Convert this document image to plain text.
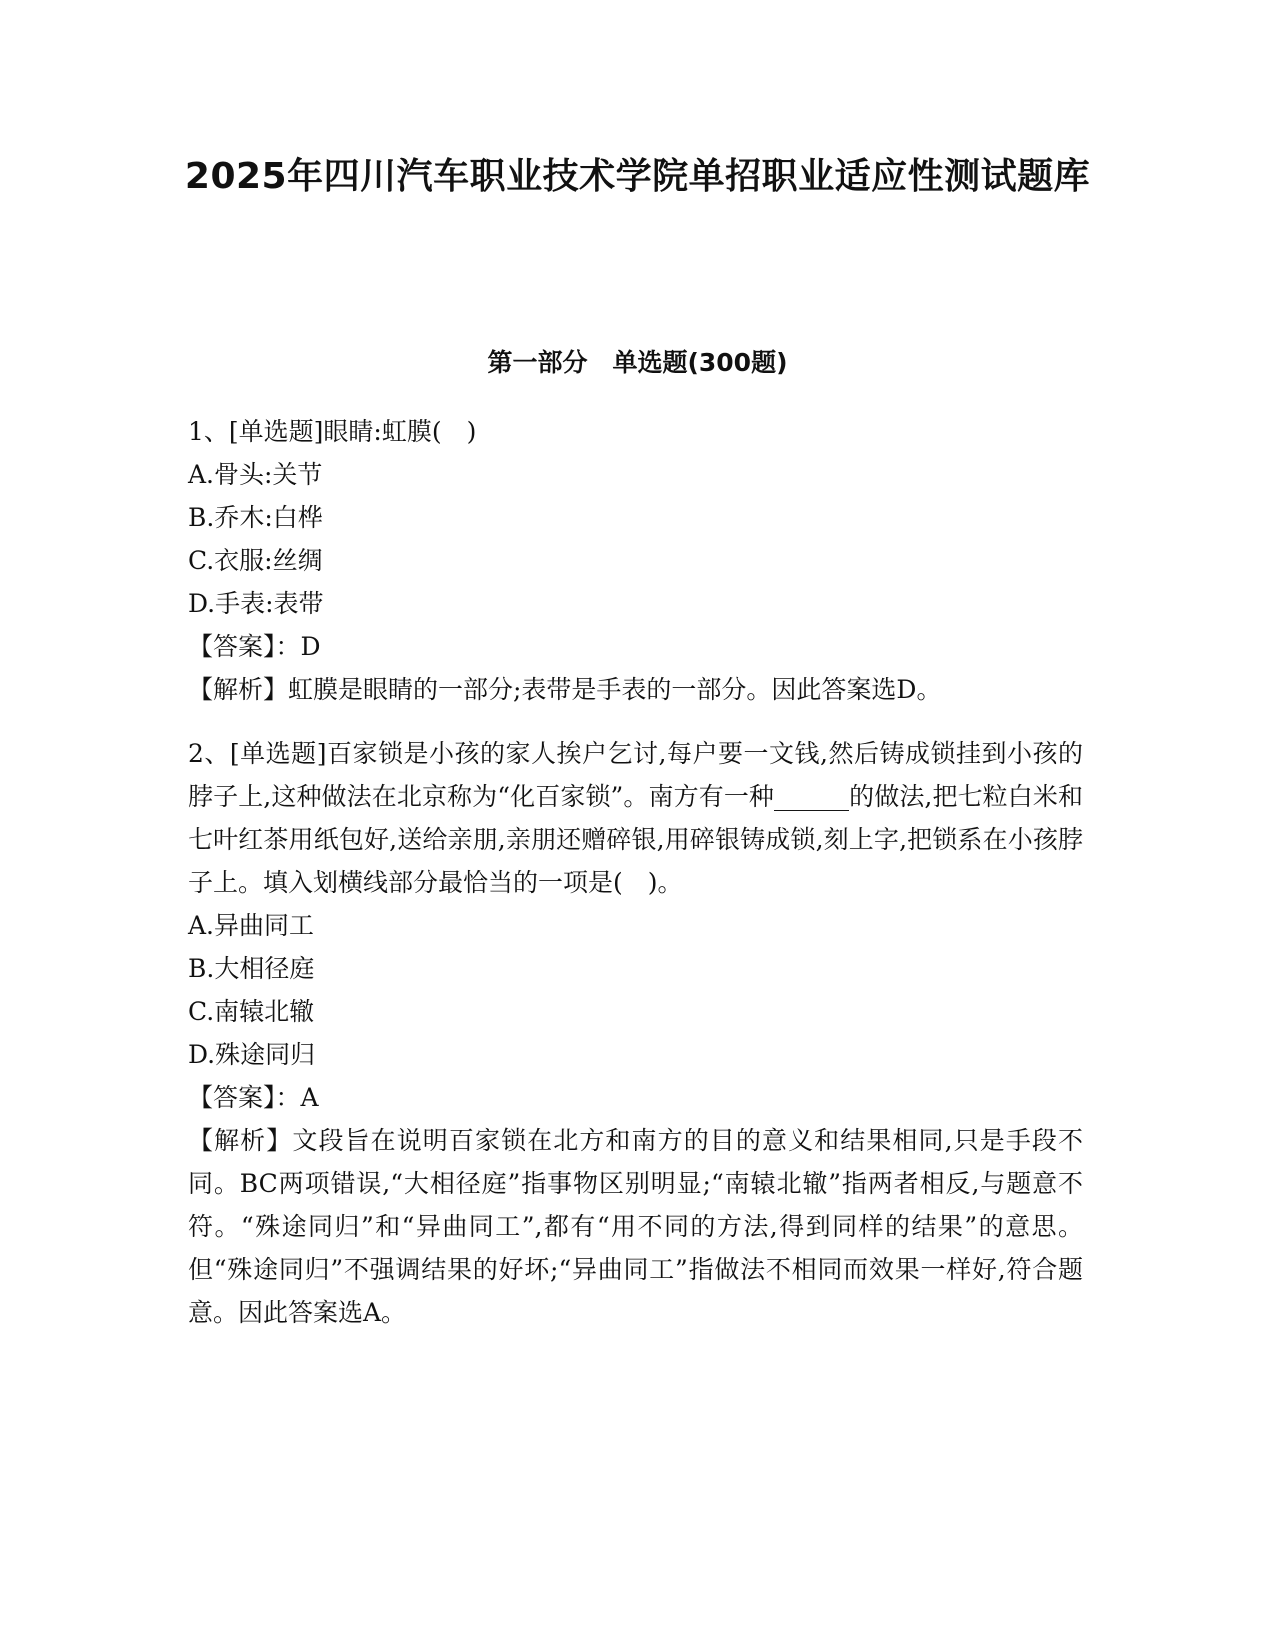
2025年四川汽车职业技术学院单招职业适应性测试题库
第一部分　单选题(300题)

1、[单选题]眼睛:虹膜(　)

A.骨头:关节

B.乔木:白桦

C.衣服:丝绸

D.手表:表带

【答案】：D

【解析】虹膜是眼睛的一部分;表带是手表的一部分。因此答案选D。

2、[单选题]百家锁是小孩的家人挨户乞讨,每户要一文钱,然后铸成锁挂到小孩的脖子上,这种做法在北京称为“化百家锁”。南方有一种______的做法,把七粒白米和七叶红茶用纸包好,送给亲朋,亲朋还赠碎银,用碎银铸成锁,刻上字,把锁系在小孩脖子上。填入划横线部分最恰当的一项是(　)。

A.异曲同工

B.大相径庭

C.南辕北辙

D.殊途同归

【答案】：A

【解析】文段旨在说明百家锁在北方和南方的目的意义和结果相同,只是手段不同。BC两项错误,“大相径庭”指事物区别明显;“南辕北辙”指两者相反,与题意不符。“殊途同归”和“异曲同工”,都有“用不同的方法,得到同样的结果”的意思。但“殊途同归”不强调结果的好坏;“异曲同工”指做法不相同而效果一样好,符合题意。因此答案选A。
